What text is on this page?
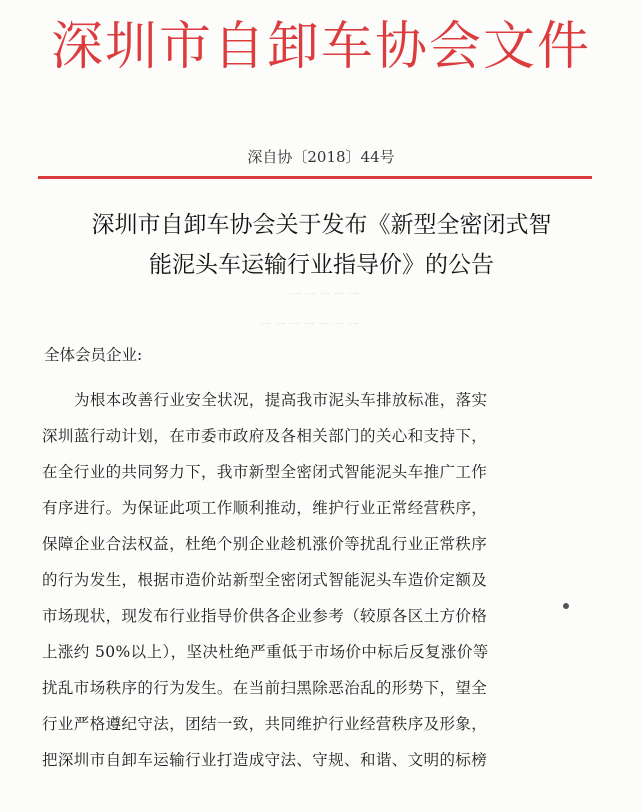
深圳市自卸车协会文件
深自协〔2018〕44号
深圳市自卸车协会关于发布《新型全密闭式智
能泥头车运输行业指导价》的公告
一 一 一 一 一
一 一 一 一 一 一 一
全体会员企业:
为根本改善行业安全状况，提高我市泥头车排放标准，落实
深圳蓝行动计划，在市委市政府及各相关部门的关心和支持下，
在全行业的共同努力下，我市新型全密闭式智能泥头车推广工作
有序进行。为保证此项工作顺利推动，维护行业正常经营秩序，
保障企业合法权益，杜绝个别企业趁机涨价等扰乱行业正常秩序
的行为发生，根据市造价站新型全密闭式智能泥头车造价定额及
市场现状，现发布行业指导价供各企业参考（较原各区土方价格
上涨约 50%以上），坚决杜绝严重低于市场价中标后反复涨价等
扰乱市场秩序的行为发生。在当前扫黑除恶治乱的形势下，望全
行业严格遵纪守法，团结一致，共同维护行业经营秩序及形象，
把深圳市自卸车运输行业打造成守法、守规、和谐、文明的标榜
